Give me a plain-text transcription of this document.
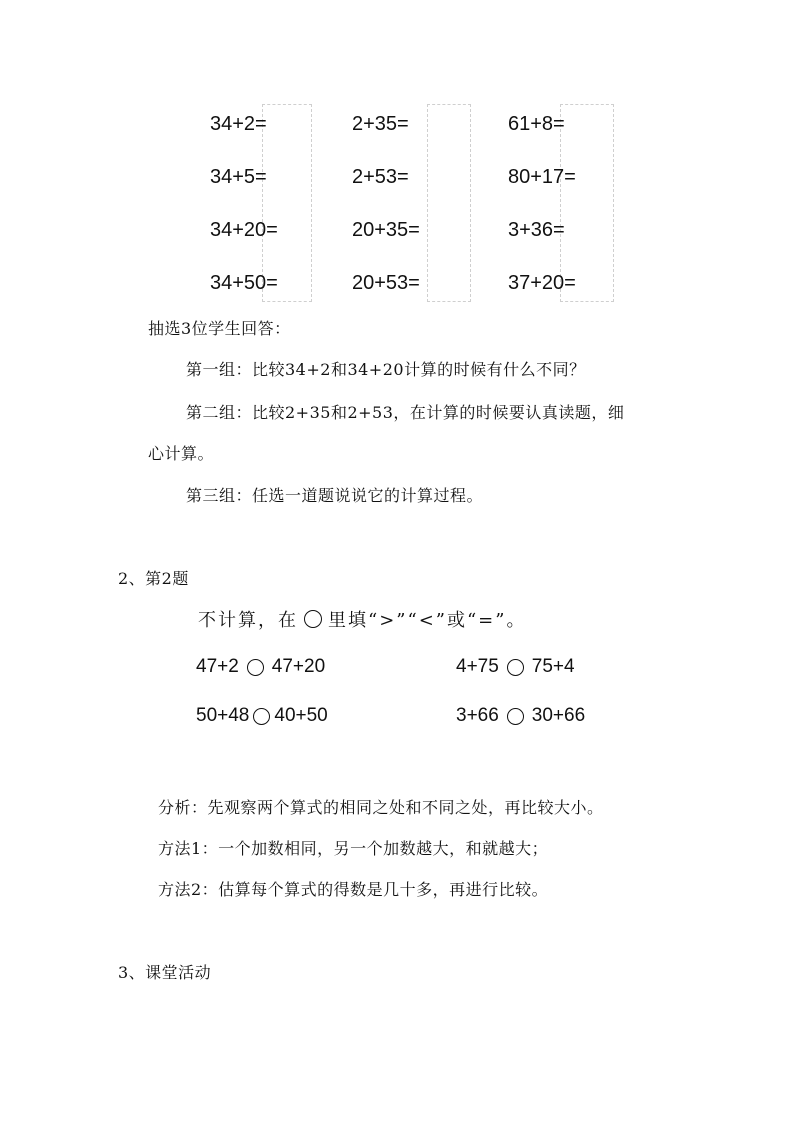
34+2=
34+5=
34+20=
34+50=
2+35=
2+53=
20+35=
20+53=
61+8=
80+17=
3+36=
37+20=
抽选3位学生回答：
第一组：比较34+2和34+20计算的时候有什么不同？
第二组：比较2+35和2+53，在计算的时候要认真读题，细
心计算。
第三组：任选一道题说说它的计算过程。
2、第2题
不计算，在 里填“>”“<”或“=”。
47+2 47+20	4+75 75+4
50+48 40+50	3+66 30+66
分析：先观察两个算式的相同之处和不同之处，再比较大小。
方法1：一个加数相同，另一个加数越大，和就越大；
方法2：估算每个算式的得数是几十多，再进行比较。
3、课堂活动
